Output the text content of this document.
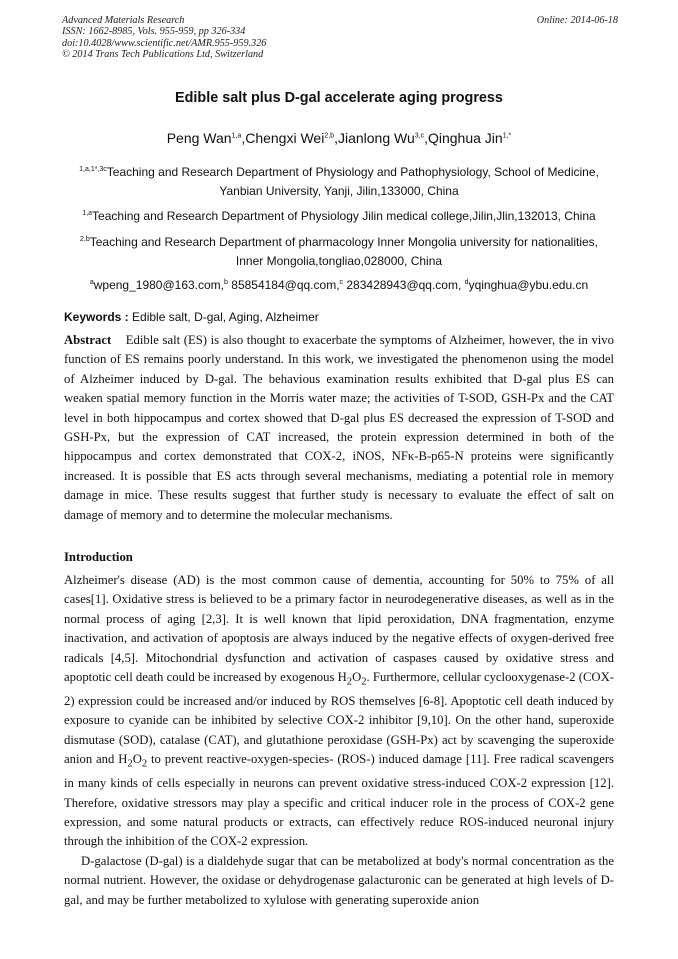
Advanced Materials Research
ISSN: 1662-8985, Vols. 955-959, pp 326-334
doi:10.4028/www.scientific.net/AMR.955-959.326
© 2014 Trans Tech Publications Ltd, Switzerland
Online: 2014-06-18
Edible salt plus D-gal accelerate aging progress
Peng Wan$^{1,a}$,Chengxi Wei$^{2,b}$,Jianlong Wu$^{3,c}$,Qinghua Jin$^{1,*}$
$^{1,a,1*,3c}$Teaching and Research Department of Physiology and Pathophysiology, School of Medicine,
Yanbian University, Yanji, Jilin,133000, China
$^{1,a}$Teaching and Research Department of Physiology Jilin medical college,Jilin,Jlin,132013, China
$^{2,b}$Teaching and Research Department of pharmacology Inner Mongolia university for nationalities,
Inner Mongolia,tongliao,028000, China
$^a$wpeng_1980@163.com,$^b$ 85854184@qq.com,$^c$ 283428943@qq.com, $^d$yqinghua@ybu.edu.cn
Keywords : Edible salt, D-gal, Aging, Alzheimer

Abstract Edible salt (ES) is also thought to exacerbate the symptoms of Alzheimer, however, the in vivo function of ES remains poorly understand. In this work, we investigated the phenomenon using the model of Alzheimer induced by D-gal. The behavious examination results exhibited that D-gal plus ES can weaken spatial memory function in the Morris water maze; the activities of T-SOD, GSH-Px and the CAT level in both hippocampus and cortex showed that D-gal plus ES decreased the expression of T-SOD and GSH-Px, but the expression of CAT increased, the protein expression determined in both of the hippocampus and cortex demonstrated that COX-2, iNOS, NFκ-B-p65-N proteins were significantly increased. It is possible that ES acts through several mechanisms, mediating a potential role in memory damage in mice. These results suggest that further study is necessary to evaluate the effect of salt on damage of memory and to determine the molecular mechanisms.

Introduction

Alzheimer's disease (AD) is the most common cause of dementia, accounting for 50% to 75% of all cases[1]. Oxidative stress is believed to be a primary factor in neurodegenerative diseases, as well as in the normal process of aging [2,3]. It is well known that lipid peroxidation, DNA fragmentation, enzyme inactivation, and activation of apoptosis are always induced by the negative effects of oxygen-derived free radicals [4,5]. Mitochondrial dysfunction and activation of caspases caused by oxidative stress and apoptotic cell death could be increased by exogenous $H_2O_2$. Furthermore, cellular cyclooxygenase-2 (COX-2) expression could be increased and/or induced by ROS themselves [6-8]. Apoptotic cell death induced by exposure to cyanide can be inhibited by selective COX-2 inhibitor [9,10]. On the other hand, superoxide dismutase (SOD), catalase (CAT), and glutathione peroxidase (GSH-Px) act by scavenging the superoxide anion and $H_2O_2$ to prevent reactive-oxygen-species- (ROS-) induced damage [11]. Free radical scavengers in many kinds of cells especially in neurons can prevent oxidative stress-induced COX-2 expression [12]. Therefore, oxidative stressors may play a specific and critical inducer role in the process of COX-2 gene expression, and some natural products or extracts, can effectively reduce ROS-induced neuronal injury through the inhibition of the COX-2 expression.

D-galactose (D-gal) is a dialdehyde sugar that can be metabolized at body's normal concentration as the normal nutrient. However, the oxidase or dehydrogenase galacturonic can be generated at high levels of D-gal, and may be further metabolized to xylulose with generating superoxide anion
